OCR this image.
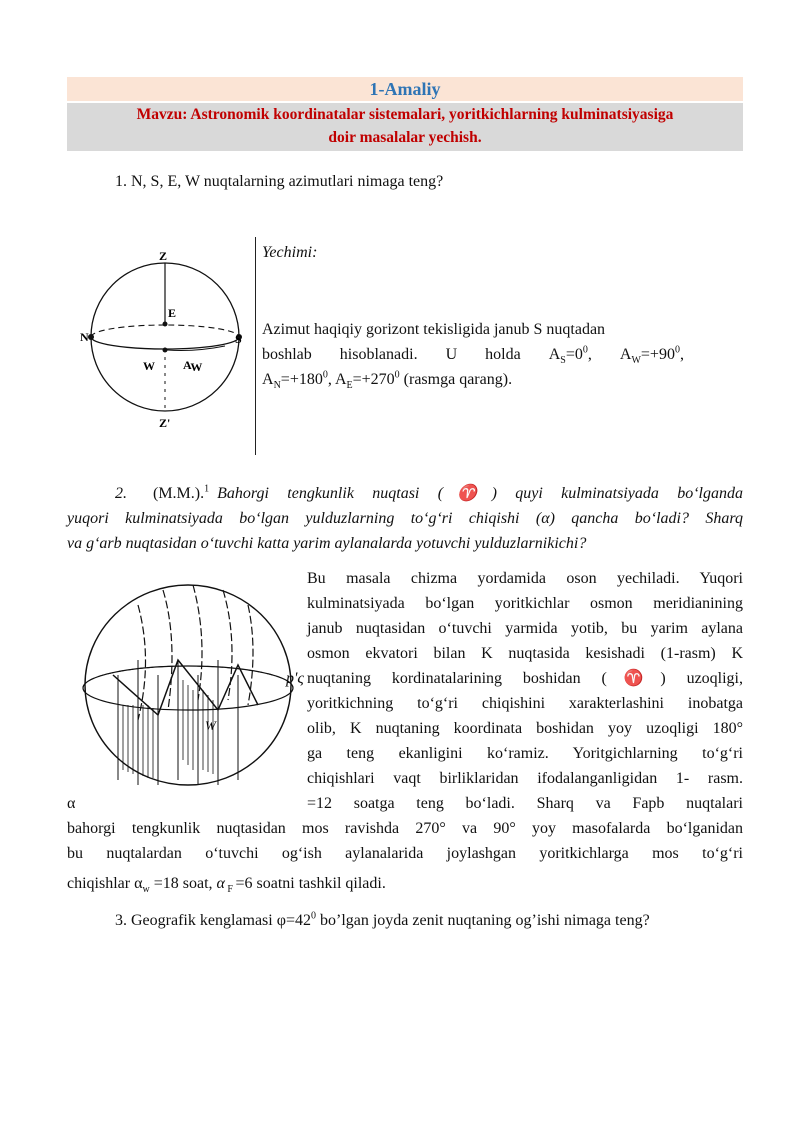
1-Amaliy
Mavzu: Astronomik koordinatalar sistemalari, yoritkichlarning kulminatsiyasiga
doir masalalar yechish.
1. N, S, E, W nuqtalarning azimutlari nimaga teng?
Z
Z'
E
N	S
W AW
Yechimi:
Azimut haqiqiy gorizont tekisligida janub S nuqtadan
boshlab hisoblanadi. U holda $A_S=0^0$, $A_W=+90^0$,
$A_N=+180^0$, $A_E=+270^0$ (rasmga qarang).
2. (M.M.).$^1$ Bahorgi tengkunlik nuqtasi (♈) quyi kulminatsiyada bo‘lganda
yuqori kulminatsiyada bo‘lgan yulduzlarning to‘g‘ri chiqishi (α) qancha bo‘ladi? Sharq
va g‘arb nuqtasidan o‘tuvchi katta yarim aylanalarda yotuvchi yulduzlarnikichi?
W
p'ς
Bu masala chizma yordamida oson yechiladi. Yuqori
kulminatsiyada bo‘lgan yoritkichlar osmon meridianining
janub nuqtasidan o‘tuvchi yarmida yotib, bu yarim aylana
osmon ekvatori bilan K nuqtasida kesishadi (1-rasm) K
nuqtaning kordinatalarining boshidan (♈) uzoqligi,
yoritkichning to‘g‘ri chiqishini xarakterlashini inobatga
olib, K nuqtaning koordinata boshidan yoy uzoqligi 180°
ga teng ekanligini ko‘ramiz. Yoritgichlarning to‘g‘ri
chiqishlari vaqt birliklaridan ifodalanganligidan 1- rasm.
=12 soatga teng bo‘ladi. Sharq va Fapb nuqtalari
α
bahorgi tengkunlik nuqtasidan mos ravishda 270° va 90° yoy masofalarda bo‘lganidan
bu nuqtalardan o‘tuvchi og‘ish aylanalarida joylashgan yoritkichlarga mos to‘g‘ri
chiqishlar $\alpha_w =18$ soat, α $_F$ =6 soatni tashkil qiladi.
3. Geografik kenglamasi $\varphi=42^0$ bo’lgan joyda zenit nuqtaning og’ishi nimaga teng?
